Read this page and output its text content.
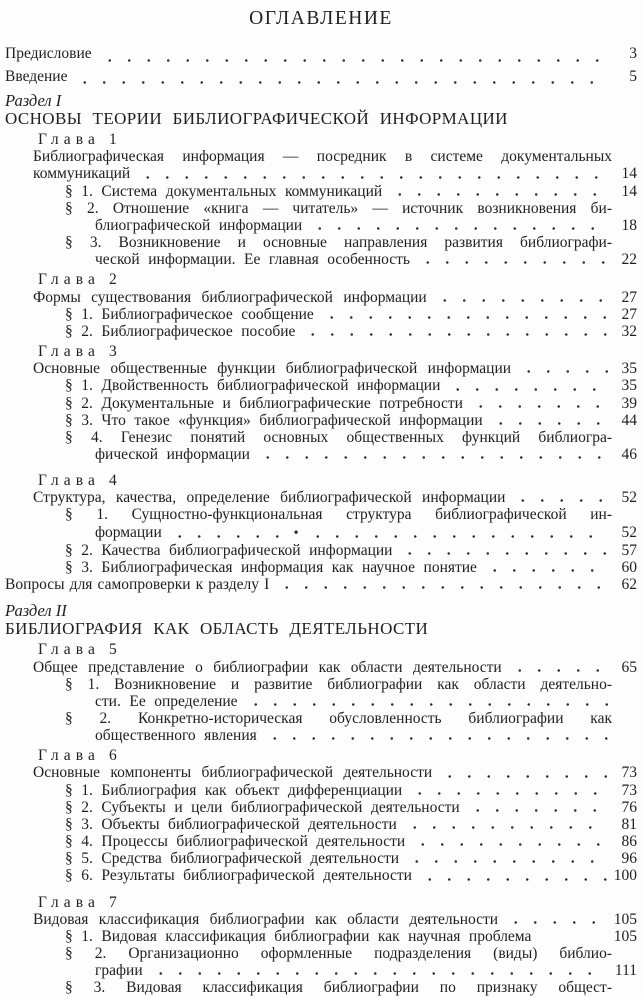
ОГЛАВЛЕНИЕ
Предисловие	3
Введение	5
Раздел I
ОСНОВЫ ТЕОРИИ БИБЛИОГРАФИЧЕСКОЙ ИНФОРМАЦИИ
Глава 1
Библиографическая информация — посредник в системе документальных
коммуникаций	14
§ 1. Система документальных коммуникаций	14
§ 2. Отношение «книга — читатель» — источник возникновения би-
блиографической информации	18
§ 3. Возникновение и основные направления развития библиографи-
ческой информации. Ее главная особенность	22
Глава 2
Формы существования библиографической информации	27
§ 1. Библиографическое сообщение	27
§ 2. Библиографическое пособие	32
Глава 3
Основные общественные функции библиографической информации	35
§ 1. Двойственность библиографической информации	35
§ 2. Документальные и библиографические потребности	39
§ 3. Что такое «функция» библиографической информации	44
§ 4. Генезис понятий основных общественных функций библиогра-
фической информации	46
Глава 4
Структура, качества, определение библиографической информации	52
§ 1. Сущностно-функциональная структура библиографической ин-
формации	•	52
§ 2. Качества библиографической информации	57
§ 3. Библиографическая информация как научное понятие	60
Вопросы для самопроверки к разделу I	62
Раздел II
БИБЛИОГРАФИЯ КАК ОБЛАСТЬ ДЕЯТЕЛЬНОСТИ
Глава 5
Общее представление о библиографии как области деятельности	65
§ 1. Возникновение и развитие библиографии как области деятельно-
сти. Ее определение
§ 2. Конкретно-историческая обусловленность библиографии как
общественного явления
Глава 6
Основные компоненты библиографической деятельности	73
§ 1. Библиография как объект дифференциации	73
§ 2. Субъекты и цели библиографической деятельности	76
§ 3. Объекты библиографической деятельности	81
§ 4. Процессы библиографической деятельности	86
§ 5. Средства библиографической деятельности	96
§ 6. Результаты библиографической деятельности	100
Глава 7
Видовая классификация библиографии как области деятельности	105
§ 1. Видовая классификация библиографии как научная проблема	105
§ 2. Организационно оформленные подразделения (виды) библио-
графии	111
§ 3. Видовая классификация библиографии по признаку общест-
